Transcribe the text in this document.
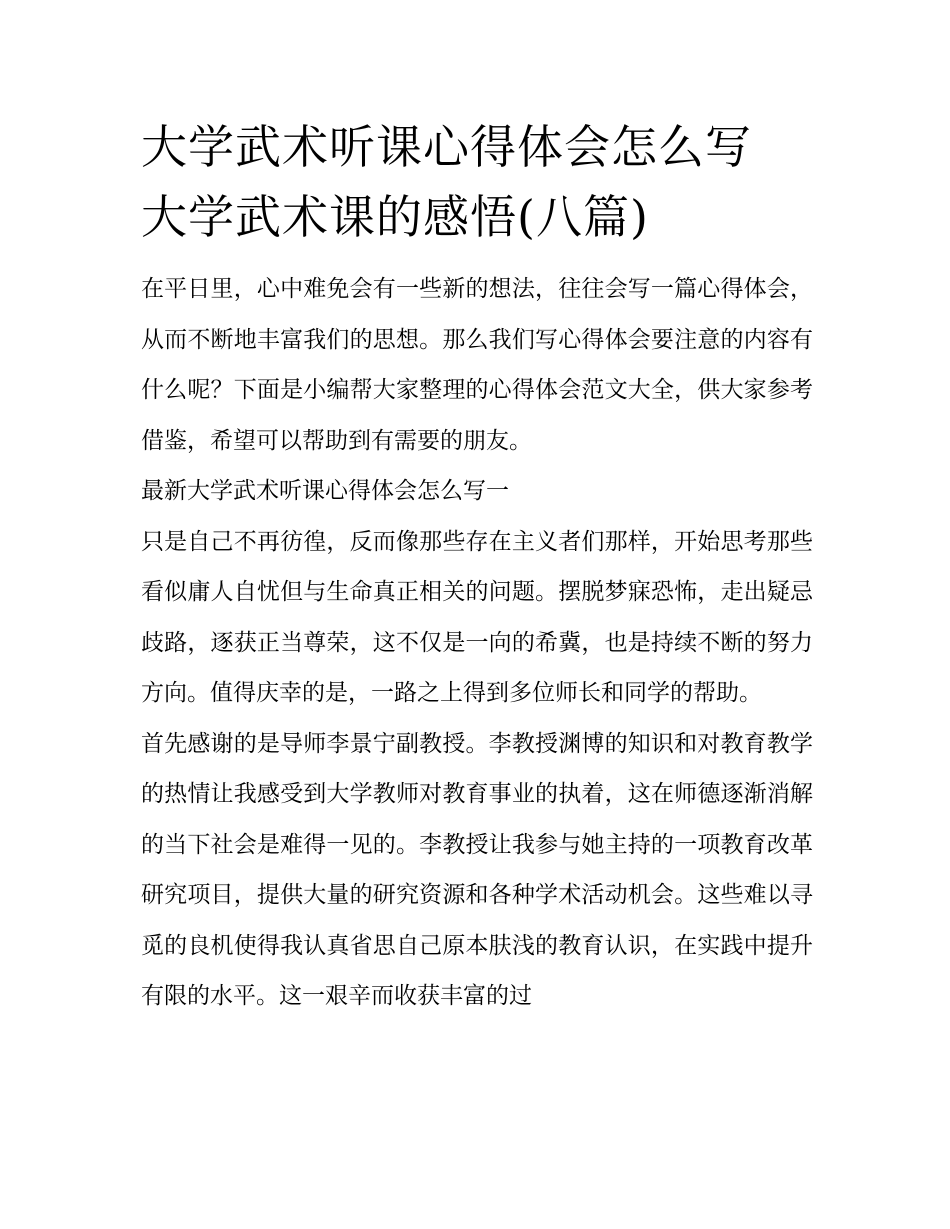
大学武术听课心得体会怎么写
大学武术课的感悟(八篇)

在平日里，心中难免会有一些新的想法，往往会写一篇心得体会，从而不断地丰富我们的思想。那么我们写心得体会要注意的内容有什么呢？下面是小编帮大家整理的心得体会范文大全，供大家参考借鉴，希望可以帮助到有需要的朋友。

最新大学武术听课心得体会怎么写一

只是自己不再彷徨，反而像那些存在主义者们那样，开始思考那些看似庸人自忧但与生命真正相关的问题。摆脱梦寐恐怖，走出疑忌歧路，逐获正当尊荣，这不仅是一向的希冀，也是持续不断的努力方向。值得庆幸的是，一路之上得到多位师长和同学的帮助。

首先感谢的是导师李景宁副教授。李教授渊博的知识和对教育教学的热情让我感受到大学教师对教育事业的执着，这在师德逐渐消解的当下社会是难得一见的。李教授让我参与她主持的一项教育改革研究项目，提供大量的研究资源和各种学术活动机会。这些难以寻觅的良机使得我认真省思自己原本肤浅的教育认识，在实践中提升有限的水平。这一艰辛而收获丰富的过
